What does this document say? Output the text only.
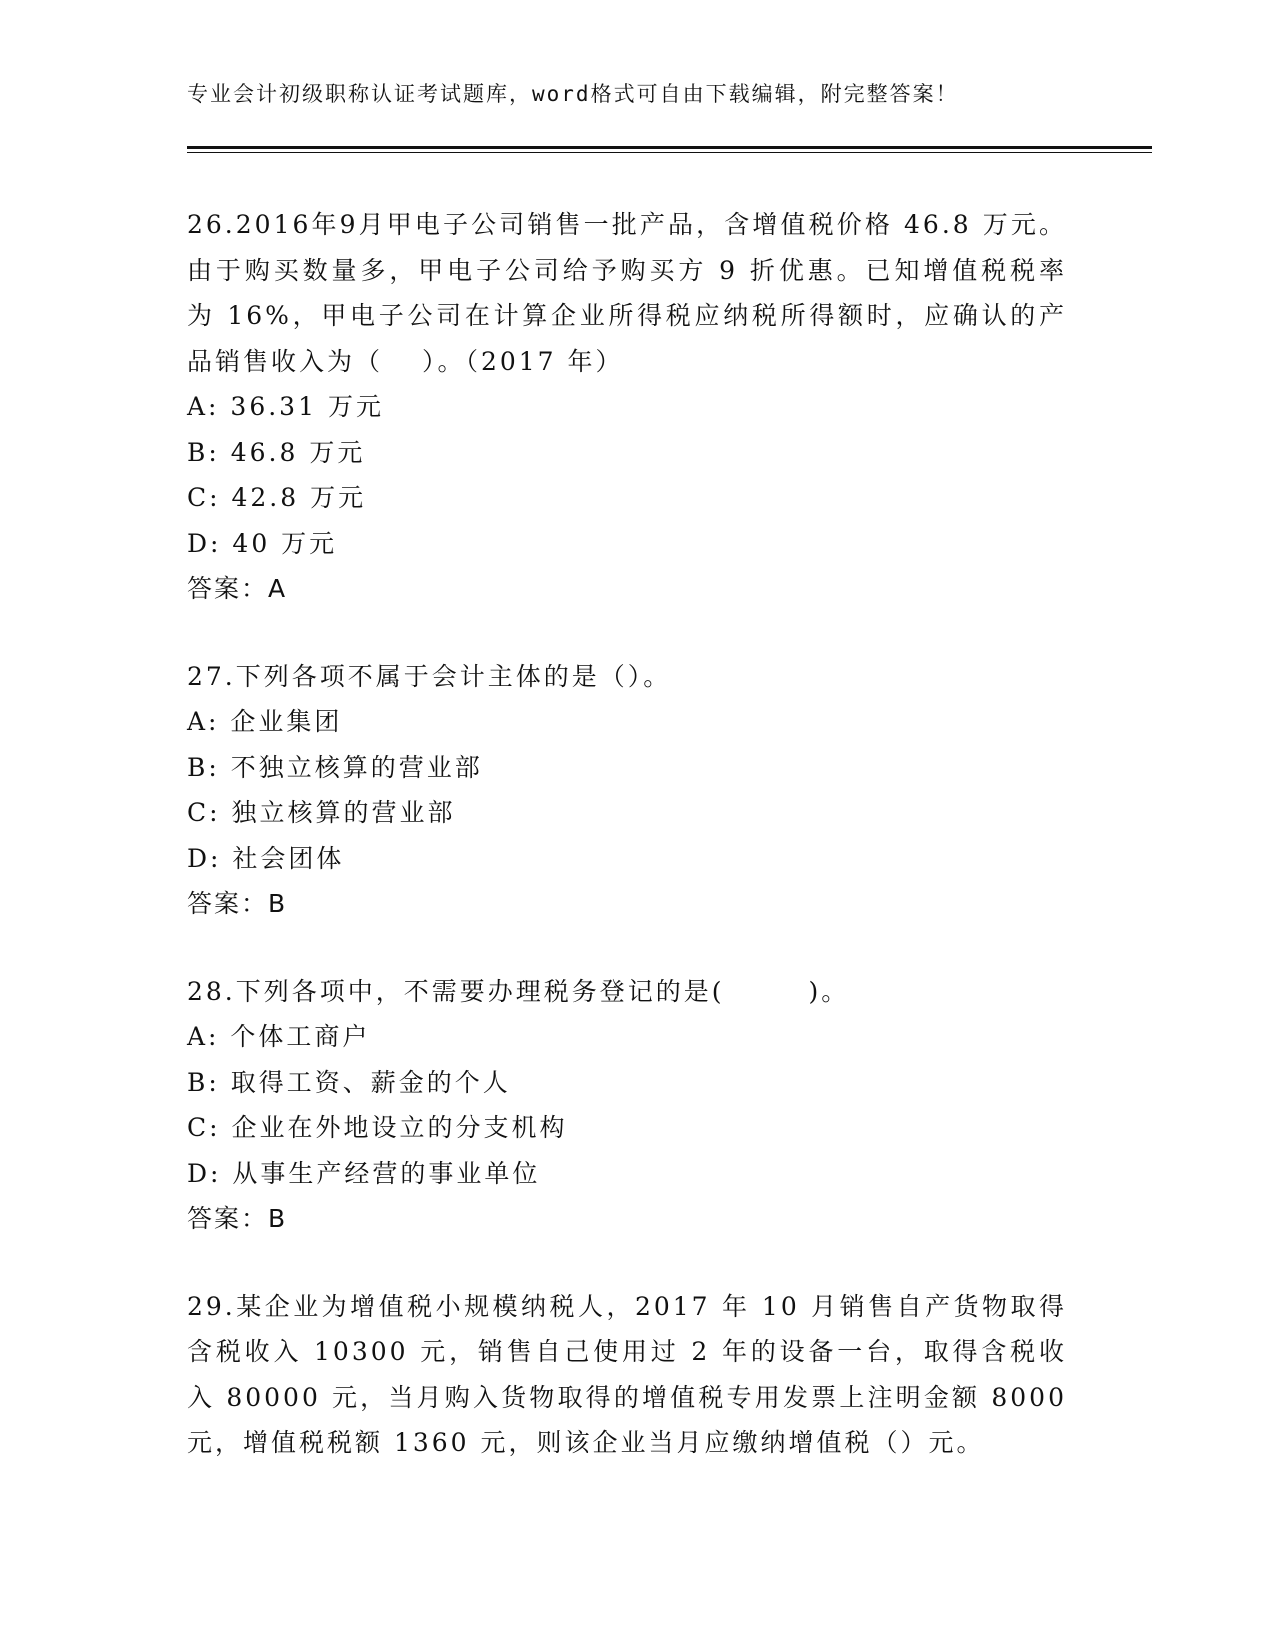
专业会计初级职称认证考试题库，word格式可自由下载编辑，附完整答案！

26.2016年9月甲电子公司销售一批产品，含增值税价格 46.8 万元。由于购买数量多，甲电子公司给予购买方 9 折优惠。已知增值税税率为 16%，甲电子公司在计算企业所得税应纳税所得额时，应确认的产品销售收入为（　 ）。（2017 年）

A: 36.31 万元

B: 46.8 万元

C: 42.8 万元

D: 40 万元

答案：A

27.下列各项不属于会计主体的是（）。

A: 企业集团

B: 不独立核算的营业部

C: 独立核算的营业部

D: 社会团体

答案：B

28.下列各项中，不需要办理税务登记的是(　　　)。

A: 个体工商户

B: 取得工资、薪金的个人

C: 企业在外地设立的分支机构

D: 从事生产经营的事业单位

答案：B

29.某企业为增值税小规模纳税人，2017 年 10 月销售自产货物取得含税收入 10300 元，销售自己使用过 2 年的设备一台，取得含税收入 80000 元，当月购入货物取得的增值税专用发票上注明金额 8000 元，增值税税额 1360 元，则该企业当月应缴纳增值税（）元。
